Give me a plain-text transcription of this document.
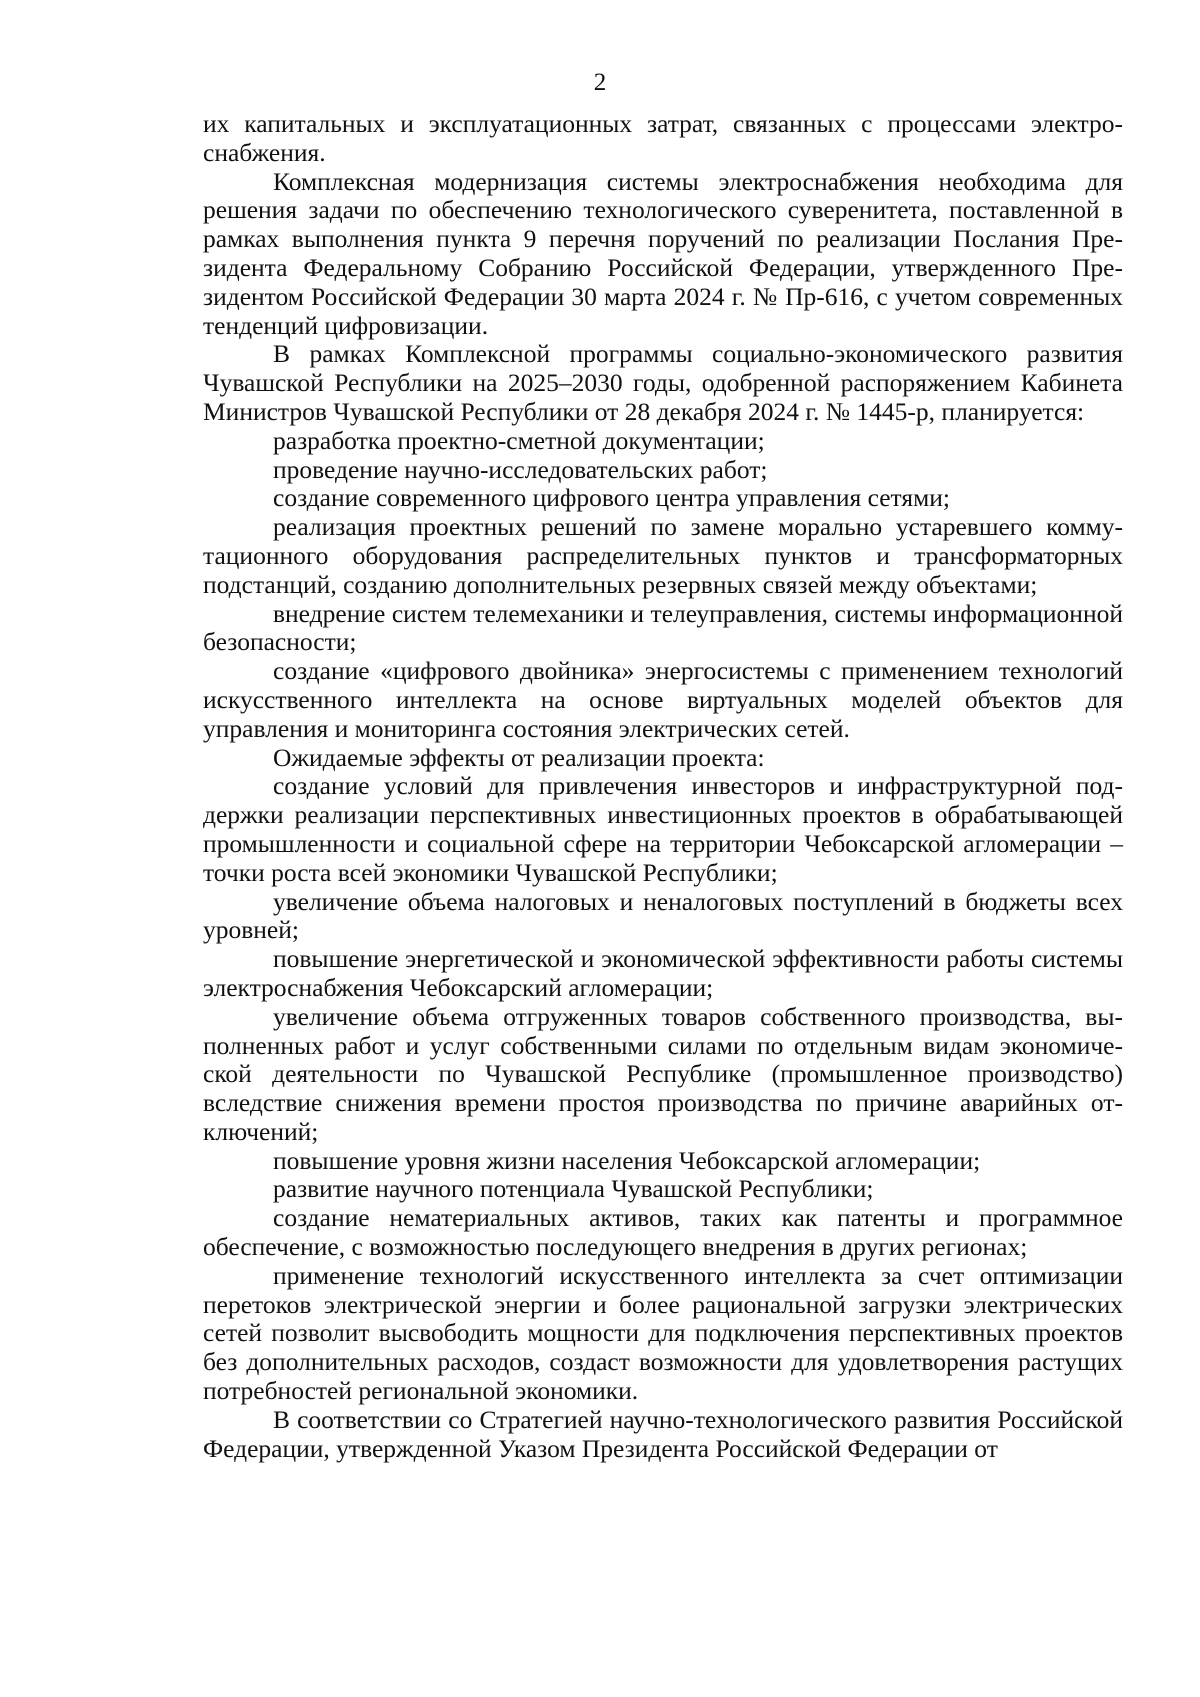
2

их капитальных и эксплуатационных затрат, связанных с процессами электроснабжения.

Комплексная модернизация системы электроснабжения необходима для решения задачи по обеспечению технологического суверенитета, поставленной в рамках выполнения пункта 9 перечня поручений по реализации Послания Президента Федеральному Собранию Российской Федерации, утвержденного Президентом Российской Федерации 30 марта 2024 г. № Пр-616, с учетом современных тенденций цифровизации.

В рамках Комплексной программы социально-экономического развития Чувашской Республики на 2025–2030 годы, одобренной распоряжением Кабинета Министров Чувашской Республики от 28 декабря 2024 г. № 1445-р, планируется:

разработка проектно-сметной документации;

проведение научно-исследовательских работ;

создание современного цифрового центра управления сетями;

реализация проектных решений по замене морально устаревшего коммутационного оборудования распределительных пунктов и трансформаторных подстанций, созданию дополнительных резервных связей между объектами;

внедрение систем телемеханики и телеуправления, системы информационной безопасности;

создание «цифрового двойника» энергосистемы с применением технологий искусственного интеллекта на основе виртуальных моделей объектов для управления и мониторинга состояния электрических сетей.

Ожидаемые эффекты от реализации проекта:

создание условий для привлечения инвесторов и инфраструктурной поддержки реализации перспективных инвестиционных проектов в обрабатывающей промышленности и социальной сфере на территории Чебоксарской агломерации – точки роста всей экономики Чувашской Республики;

увеличение объема налоговых и неналоговых поступлений в бюджеты всех уровней;

повышение энергетической и экономической эффективности работы системы электроснабжения Чебоксарский агломерации;

увеличение объема отгруженных товаров собственного производства, выполненных работ и услуг собственными силами по отдельным видам экономической деятельности по Чувашской Республике (промышленное производство) вследствие снижения времени простоя производства по причине аварийных отключений;

повышение уровня жизни населения Чебоксарской агломерации;

развитие научного потенциала Чувашской Республики;

создание нематериальных активов, таких как патенты и программное обеспечение, с возможностью последующего внедрения в других регионах;

применение технологий искусственного интеллекта за счет оптимизации перетоков электрической энергии и более рациональной загрузки электрических сетей позволит высвободить мощности для подключения перспективных проектов без дополнительных расходов, создаст возможности для удовлетворения растущих потребностей региональной экономики.

В соответствии со Стратегией научно-технологического развития Российской Федерации, утвержденной Указом Президента Российской Федерации от
